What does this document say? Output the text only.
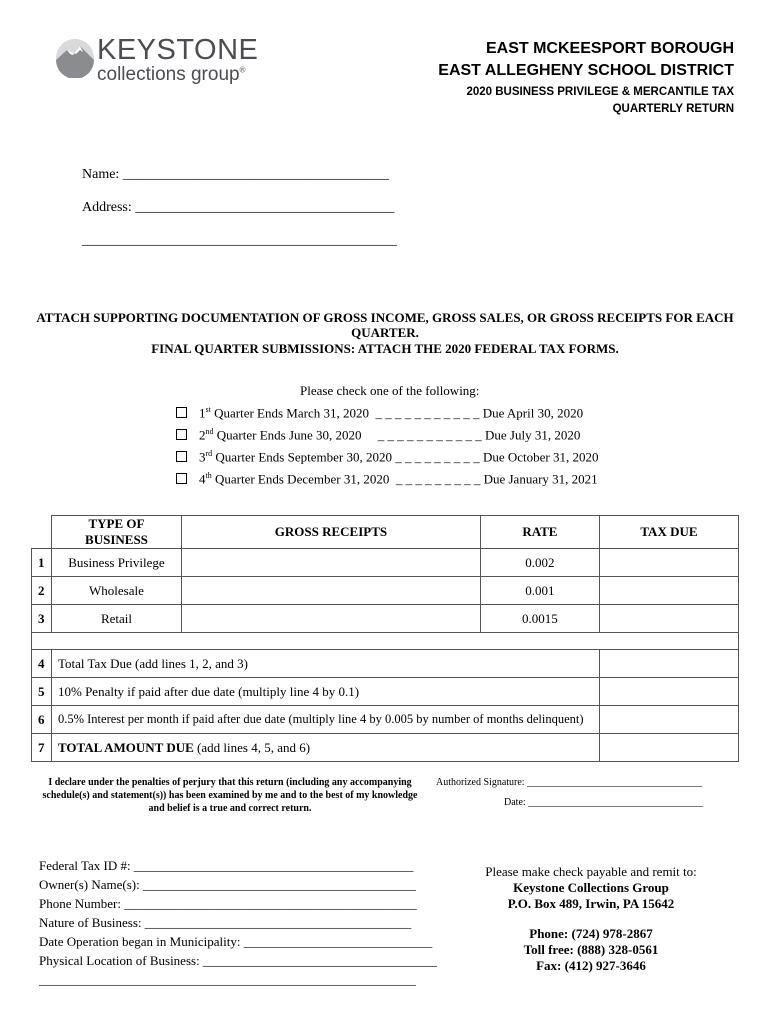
KEYSTONE
collections group®
EAST MCKEESPORT BOROUGH
EAST ALLEGHENY SCHOOL DISTRICT
2020 BUSINESS PRIVILEGE & MERCANTILE TAX
QUARTERLY RETURN
Name: ______________________________________
Address: _____________________________________
_____________________________________________
ATTACH SUPPORTING DOCUMENTATION OF GROSS INCOME, GROSS SALES, OR GROSS RECEIPTS FOR EACH QUARTER.
FINAL QUARTER SUBMISSIONS: ATTACH THE 2020 FEDERAL TAX FORMS.
Please check one of the following:
1st Quarter Ends March 31, 2020  _ _ _ _ _ _ _ _ _ _ _ Due April 30, 2020
2nd Quarter Ends June 30, 2020     _ _ _ _ _ _ _ _ _ _ _ Due July 31, 2020
3rd Quarter Ends September 30, 2020 _ _ _ _ _ _ _ _ _ Due October 31, 2020
4th Quarter Ends December 31, 2020  _ _ _ _ _ _ _ _ _ Due January 31, 2021
	TYPE OF BUSINESS	GROSS RECEIPTS	RATE	TAX DUE
1	Business Privilege		0.002	
2	Wholesale		0.001	
3	Retail		0.0015	

4	Total Tax Due (add lines 1, 2, and 3)			
5	10% Penalty if paid after due date (multiply line 4 by 0.1)			
6	0.5% Interest per month if paid after due date (multiply line 4 by 0.005 by number of months delinquent)			
7	TOTAL AMOUNT DUE (add lines 4, 5, and 6)			
I declare under the penalties of perjury that this return (including any accompanying schedule(s) and statement(s)) has been examined by me and to the best of my knowledge and belief is a true and correct return.
Authorized Signature: ___________________________________
Date: ___________________________________
Federal Tax ID #: ___________________________________________
Owner(s) Name(s): __________________________________________
Phone Number: _____________________________________________
Nature of Business: _________________________________________
Date Operation began in Municipality: _____________________________
Physical Location of Business: ____________________________________
__________________________________________________________
Please make check payable and remit to:
Keystone Collections Group
P.O. Box 489, Irwin, PA 15642
Phone: (724) 978-2867
Toll free: (888) 328-0561
Fax: (412) 927-3646
